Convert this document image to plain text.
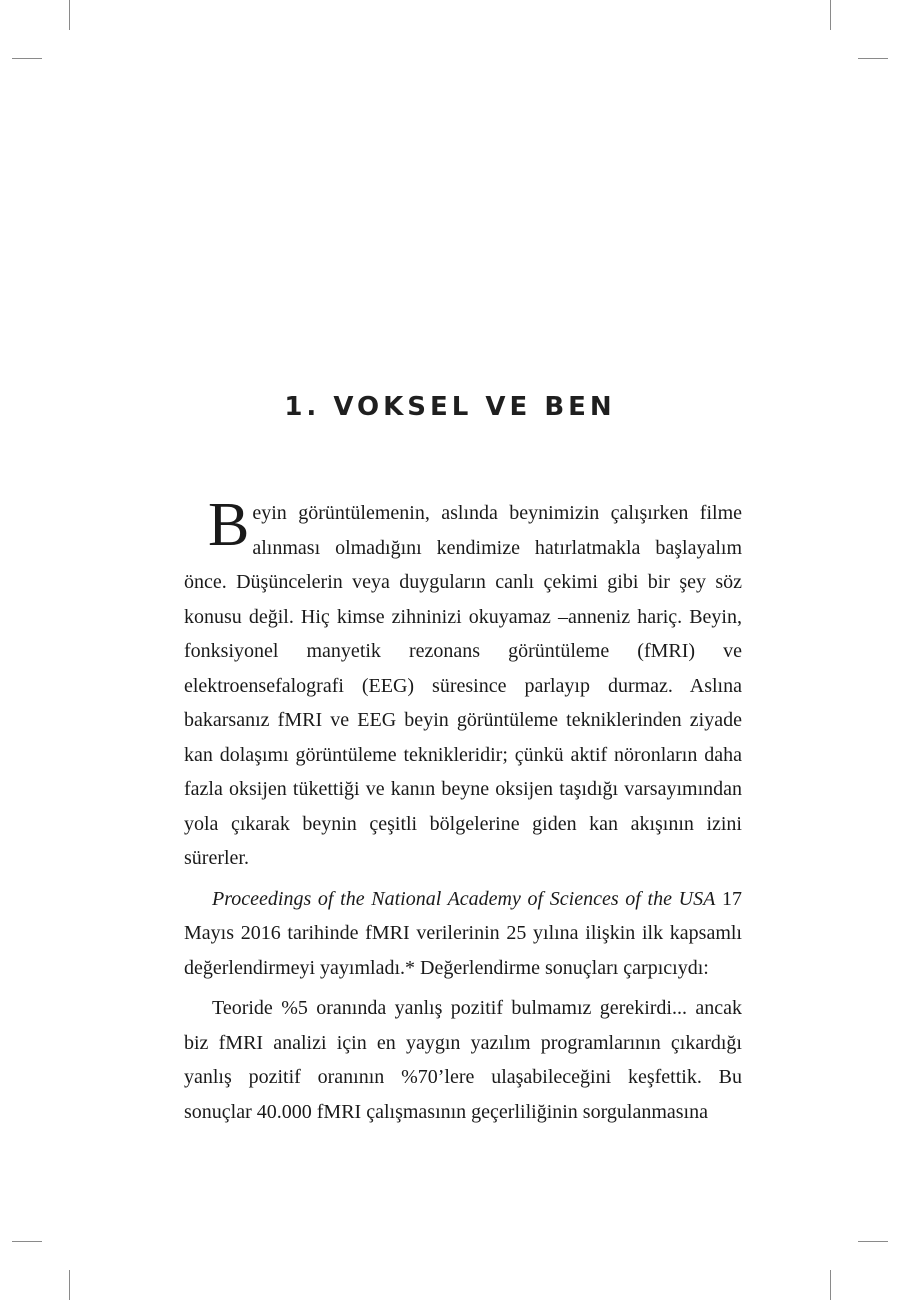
1. VOKSEL VE BEN

Beyin görüntülemenin, aslında beynimizin çalışırken filme alınması olmadığını kendimize hatırlatmakla başlayalım önce. Düşüncelerin veya duyguların canlı çekimi gibi bir şey söz konusu değil. Hiç kimse zihninizi okuyamaz –anneniz hariç. Beyin, fonksiyonel manyetik rezonans görüntüleme (fMRI) ve elektroensefalografi (EEG) süresince parlayıp durmaz. Aslına bakarsanız fMRI ve EEG beyin görüntüleme tekniklerinden ziyade kan dolaşımı görüntüleme teknikleridir; çünkü aktif nöronların daha fazla oksijen tükettiği ve kanın beyne oksijen taşıdığı varsayımından yola çıkarak beynin çeşitli bölgelerine giden kan akışının izini sürerler.

Proceedings of the National Academy of Sciences of the USA 17 Mayıs 2016 tarihinde fMRI verilerinin 25 yılına ilişkin ilk kapsamlı değerlendirmeyi yayımladı.* Değerlendirme sonuçları çarpıcıydı:

Teoride %5 oranında yanlış pozitif bulmamız gerekirdi... ancak biz fMRI analizi için en yaygın yazılım programlarının çıkardığı yanlış pozitif oranının %70’lere ulaşabileceğini keşfettik. Bu sonuçlar 40.000 fMRI çalışmasının geçerliliğinin sorgulanmasına
